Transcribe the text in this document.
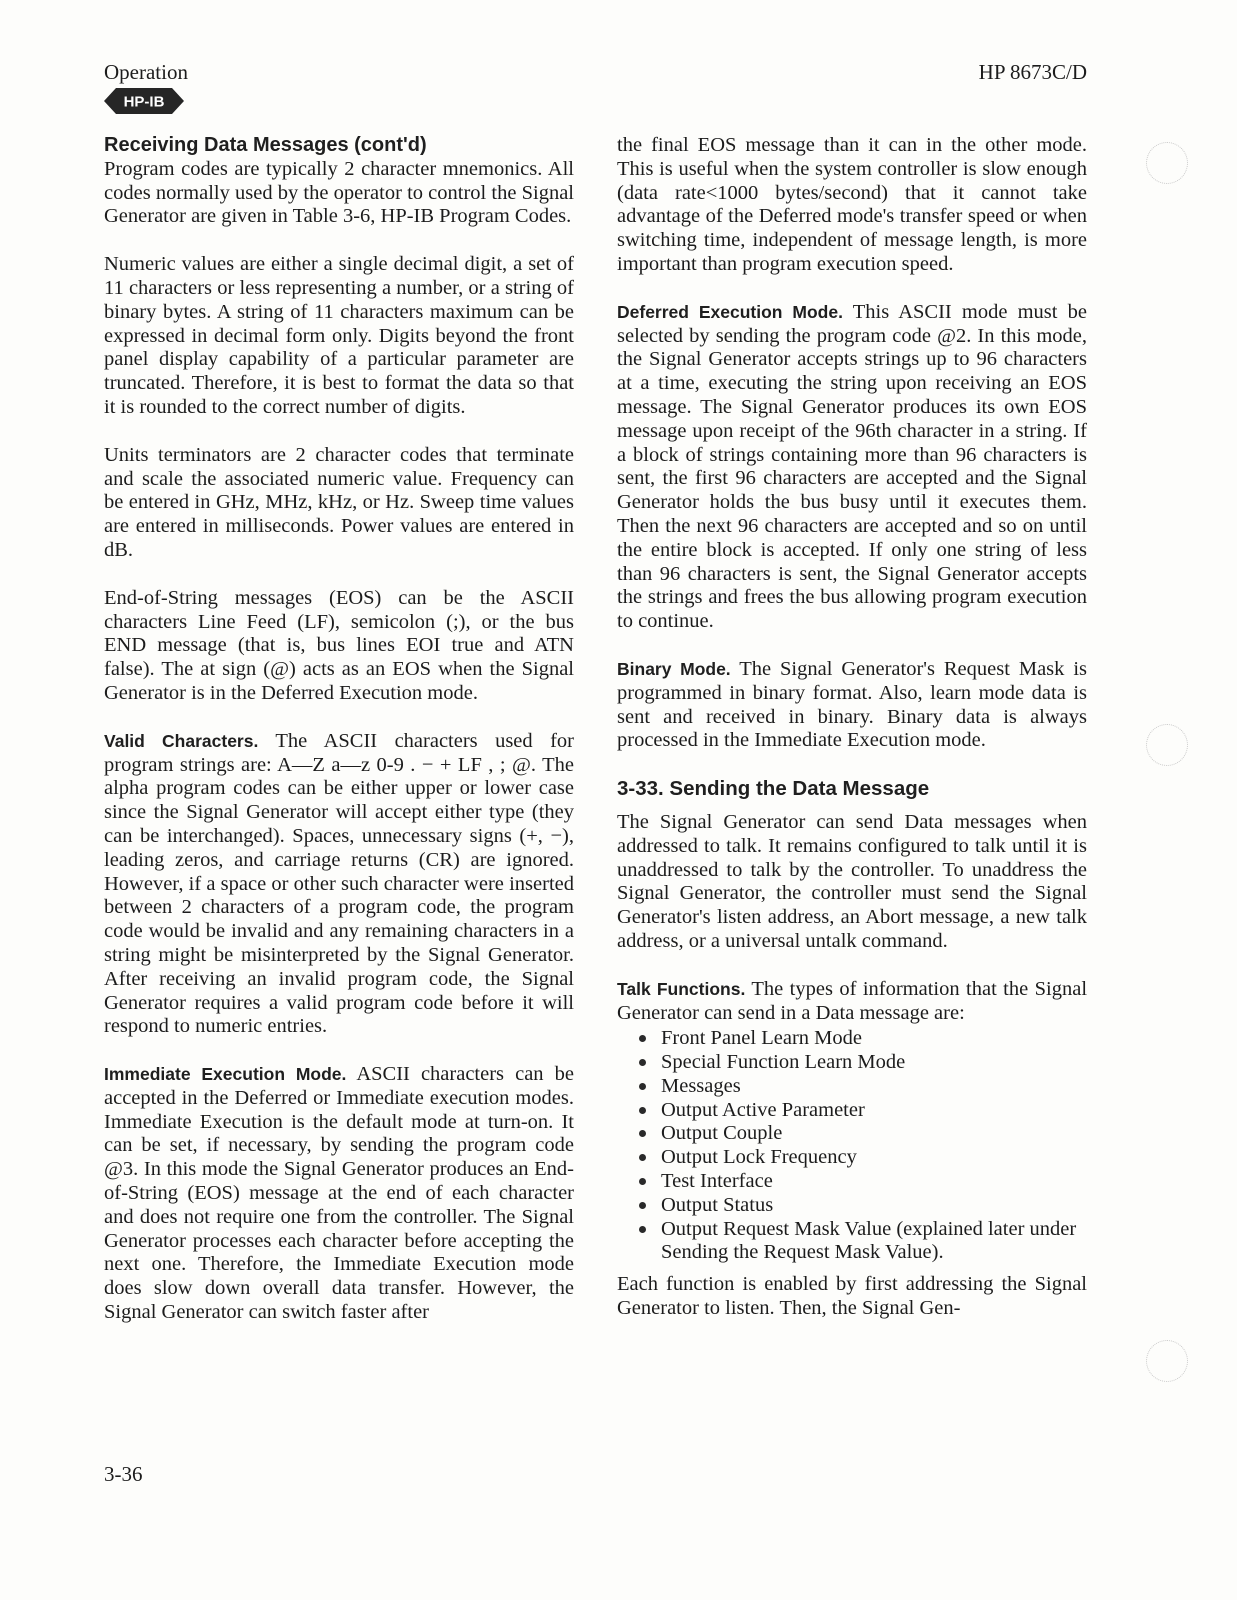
Operation	HP 8673C/D
HP-IB
Receiving Data Messages (cont'd)

Program codes are typically 2 character mnemonics. All codes normally used by the operator to control the Signal Generator are given in Table 3-6, HP-IB Program Codes.

Numeric values are either a single decimal digit, a set of 11 characters or less representing a number, or a string of binary bytes. A string of 11 characters maximum can be expressed in decimal form only. Digits beyond the front panel display capability of a particular parameter are truncated. Therefore, it is best to format the data so that it is rounded to the correct number of digits.

Units terminators are 2 character codes that terminate and scale the associated numeric value. Frequency can be entered in GHz, MHz, kHz, or Hz. Sweep time values are entered in milliseconds. Power values are entered in dB.

End-of-String messages (EOS) can be the ASCII characters Line Feed (LF), semicolon (;), or the bus END message (that is, bus lines EOI true and ATN false). The at sign (@) acts as an EOS when the Signal Generator is in the Deferred Execution mode.

Valid Characters. The ASCII characters used for program strings are: A—Z a—z 0-9 . − + LF , ; @. The alpha program codes can be either upper or lower case since the Signal Generator will accept either type (they can be interchanged). Spaces, unnecessary signs (+, −), leading zeros, and carriage returns (CR) are ignored. However, if a space or other such character were inserted between 2 characters of a program code, the program code would be invalid and any remaining characters in a string might be misinterpreted by the Signal Generator. After receiving an invalid program code, the Signal Generator requires a valid program code before it will respond to numeric entries.

Immediate Execution Mode. ASCII characters can be accepted in the Deferred or Immediate execution modes. Immediate Execution is the default mode at turn-on. It can be set, if necessary, by sending the program code @3. In this mode the Signal Generator produces an End-of-String (EOS) message at the end of each character and does not require one from the controller. The Signal Generator processes each character before accepting the next one. Therefore, the Immediate Execution mode does slow down overall data transfer. However, the Signal Generator can switch faster after

the final EOS message than it can in the other mode. This is useful when the system controller is slow enough (data rate<1000 bytes/second) that it cannot take advantage of the Deferred mode's transfer speed or when switching time, independent of message length, is more important than program execution speed.

Deferred Execution Mode. This ASCII mode must be selected by sending the program code @2. In this mode, the Signal Generator accepts strings up to 96 characters at a time, executing the string upon receiving an EOS message. The Signal Generator produces its own EOS message upon receipt of the 96th character in a string. If a block of strings containing more than 96 characters is sent, the first 96 characters are accepted and the Signal Generator holds the bus busy until it executes them. Then the next 96 characters are accepted and so on until the entire block is accepted. If only one string of less than 96 characters is sent, the Signal Generator accepts the strings and frees the bus allowing program execution to continue.

Binary Mode. The Signal Generator's Request Mask is programmed in binary format. Also, learn mode data is sent and received in binary. Binary data is always processed in the Immediate Execution mode.

3-33. Sending the Data Message

The Signal Generator can send Data messages when addressed to talk. It remains configured to talk until it is unaddressed to talk by the controller. To unaddress the Signal Generator, the controller must send the Signal Generator's listen address, an Abort message, a new talk address, or a universal untalk command.

Talk Functions. The types of information that the Signal Generator can send in a Data message are:

Front Panel Learn Mode
Special Function Learn Mode
Messages
Output Active Parameter
Output Couple
Output Lock Frequency
Test Interface
Output Status
Output Request Mask Value (explained later under Sending the Request Mask Value).

Each function is enabled by first addressing the Signal Generator to listen. Then, the Signal Gen-

3-36
